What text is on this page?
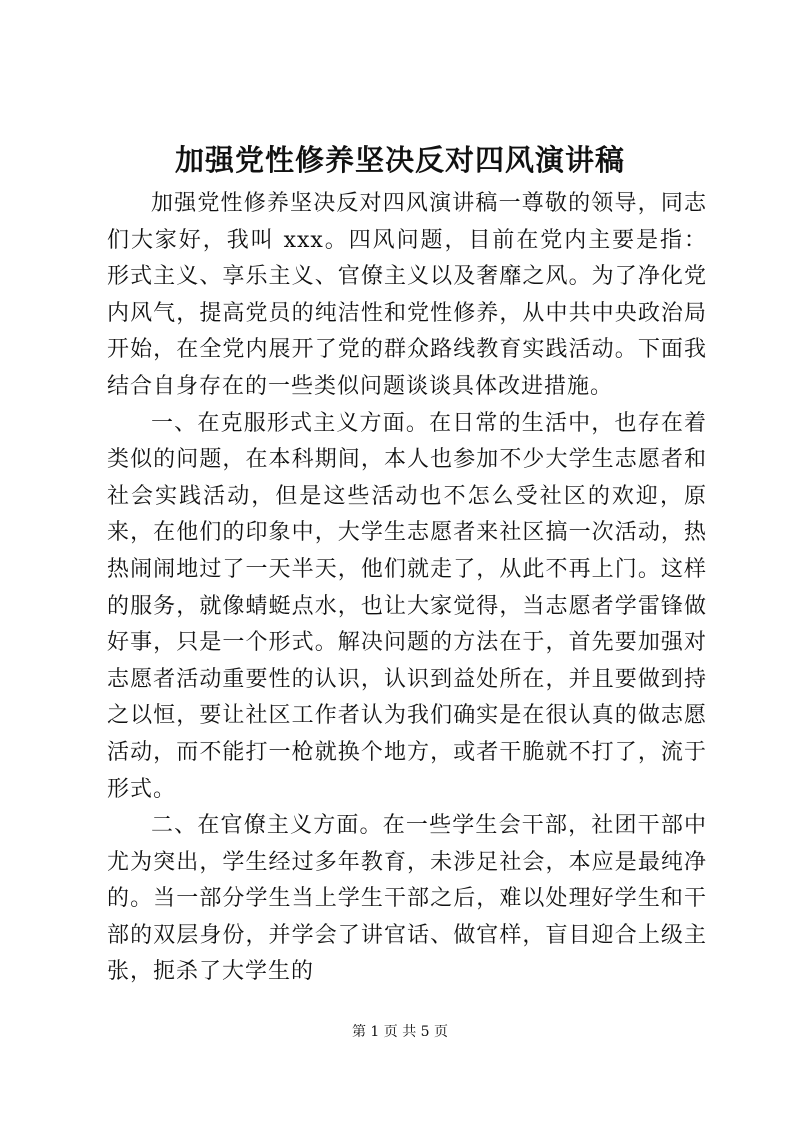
加强党性修养坚决反对四风演讲稿

加强党性修养坚决反对四风演讲稿一尊敬的领导，同志们大家好，我叫 xxx。四风问题，目前在党内主要是指：形式主义、享乐主义、官僚主义以及奢靡之风。为了净化党内风气，提高党员的纯洁性和党性修养，从中共中央政治局开始，在全党内展开了党的群众路线教育实践活动。下面我结合自身存在的一些类似问题谈谈具体改进措施。

一、在克服形式主义方面。在日常的生活中，也存在着类似的问题，在本科期间，本人也参加不少大学生志愿者和社会实践活动，但是这些活动也不怎么受社区的欢迎，原来，在他们的印象中，大学生志愿者来社区搞一次活动，热热闹闹地过了一天半天，他们就走了，从此不再上门。这样的服务，就像蜻蜓点水，也让大家觉得，当志愿者学雷锋做好事，只是一个形式。解决问题的方法在于，首先要加强对志愿者活动重要性的认识，认识到益处所在，并且要做到持之以恒，要让社区工作者认为我们确实是在很认真的做志愿活动，而不能打一枪就换个地方，或者干脆就不打了，流于形式。

二、在官僚主义方面。在一些学生会干部，社团干部中尤为突出，学生经过多年教育，未涉足社会，本应是最纯净的。当一部分学生当上学生干部之后，难以处理好学生和干部的双层身份，并学会了讲官话、做官样，盲目迎合上级主张，扼杀了大学生的

第 1 页 共 5 页
